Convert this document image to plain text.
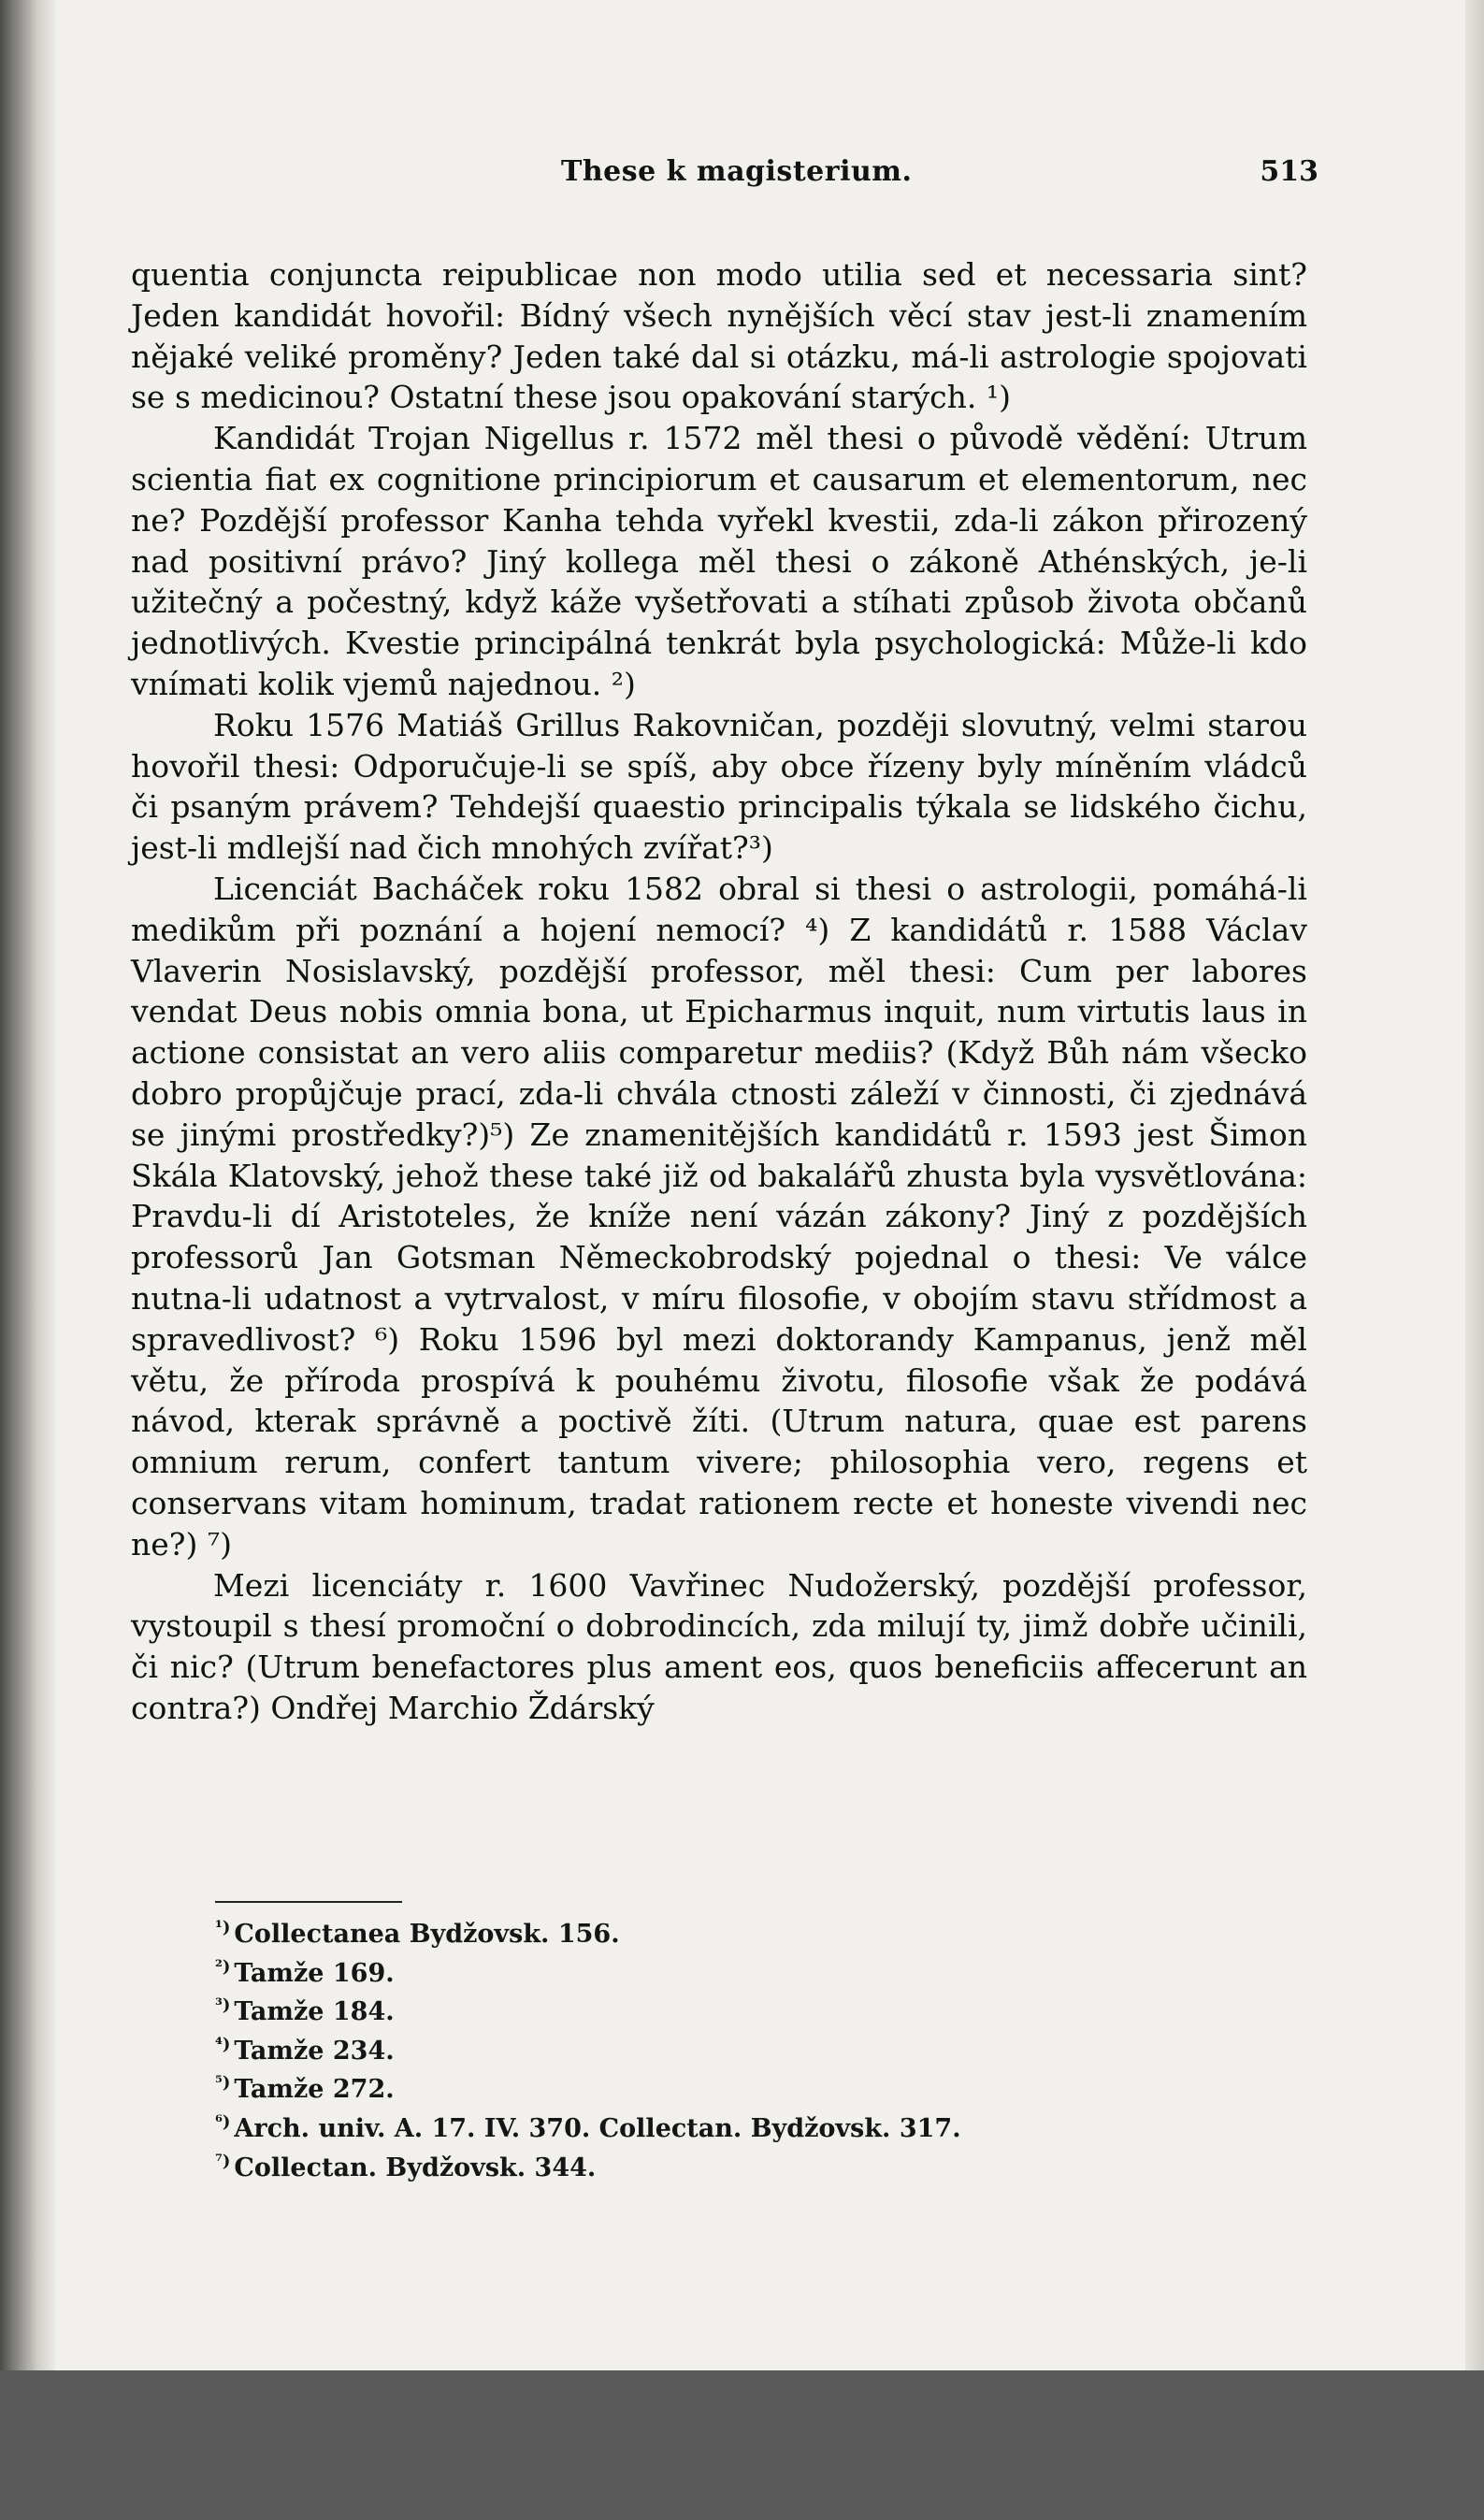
These k magisterium.	513

quentia conjuncta reipublicae non modo utilia sed et necessaria sint? Jeden kandidát hovořil: Bídný všech nynějších věcí stav jest-li znamením nějaké veliké proměny? Jeden také dal si otázku, má-li astrologie spojovati se s medicinou? Ostatní these jsou opakování starých. ¹)

Kandidát Trojan Nigellus r. 1572 měl thesi o původě vědění: Utrum scientia fiat ex cognitione principiorum et causarum et elementorum, nec ne? Pozdější professor Kanha tehda vyřekl kvestii, zda-li zákon přirozený nad positivní právo? Jiný kollega měl thesi o zákoně Athénských, je-li užitečný a počestný, když káže vyšetřovati a stíhati způsob života občanů jednotlivých. Kvestie principálná tenkrát byla psychologická: Může-li kdo vnímati kolik vjemů najednou. ²)

Roku 1576 Matiáš Grillus Rakovničan, později slovutný, velmi starou hovořil thesi: Odporučuje-li se spíš, aby obce řízeny byly míněním vládců či psaným právem? Tehdejší quaestio principalis týkala se lidského čichu, jest-li mdlejší nad čich mnohých zvířat?³)

Licenciát Bacháček roku 1582 obral si thesi o astrologii, pomáhá-li medikům při poznání a hojení nemocí? ⁴) Z kandidátů r. 1588 Václav Vlaverin Nosislavský, pozdější professor, měl thesi: Cum per labores vendat Deus nobis omnia bona, ut Epicharmus inquit, num virtutis laus in actione consistat an vero aliis comparetur mediis? (Když Bůh nám všecko dobro propůjčuje prací, zda-li chvála ctnosti záleží v činnosti, či zjednává se jinými prostředky?)⁵) Ze znamenitějších kandidátů r. 1593 jest Šimon Skála Klatovský, jehož these také již od bakalářů zhusta byla vysvětlována: Pravdu-li dí Aristoteles, že kníže není vázán zákony? Jiný z pozdějších professorů Jan Gotsman Německobrodský pojednal o thesi: Ve válce nutna-li udatnost a vytrvalost, v míru filosofie, v obojím stavu střídmost a spravedlivost? ⁶) Roku 1596 byl mezi doktorandy Kampanus, jenž měl větu, že příroda prospívá k pouhému životu, filosofie však že podává návod, kterak správně a poctivě žíti. (Utrum natura, quae est parens omnium rerum, confert tantum vivere; philosophia vero, regens et conservans vitam hominum, tradat rationem recte et honeste vivendi nec ne?) ⁷)

Mezi licenciáty r. 1600 Vavřinec Nudožerský, pozdější professor, vystoupil s thesí promoční o dobrodincích, zda milují ty, jimž dobře učinili, či nic? (Utrum benefactores plus ament eos, quos beneficiis affecerunt an contra?) Ondřej Marchio Ždárský

$^{^1)}$ Collectanea Bydžovsk. 156.
$^{^2)}$ Tamže 169.
$^{^3)}$ Tamže 184.
$^{^4)}$ Tamže 234.
$^{^5)}$ Tamže 272.
$^{^6)}$ Arch. univ. A. 17. IV. 370. Collectan. Bydžovsk. 317.
$^{^7)}$ Collectan. Bydžovsk. 344.
